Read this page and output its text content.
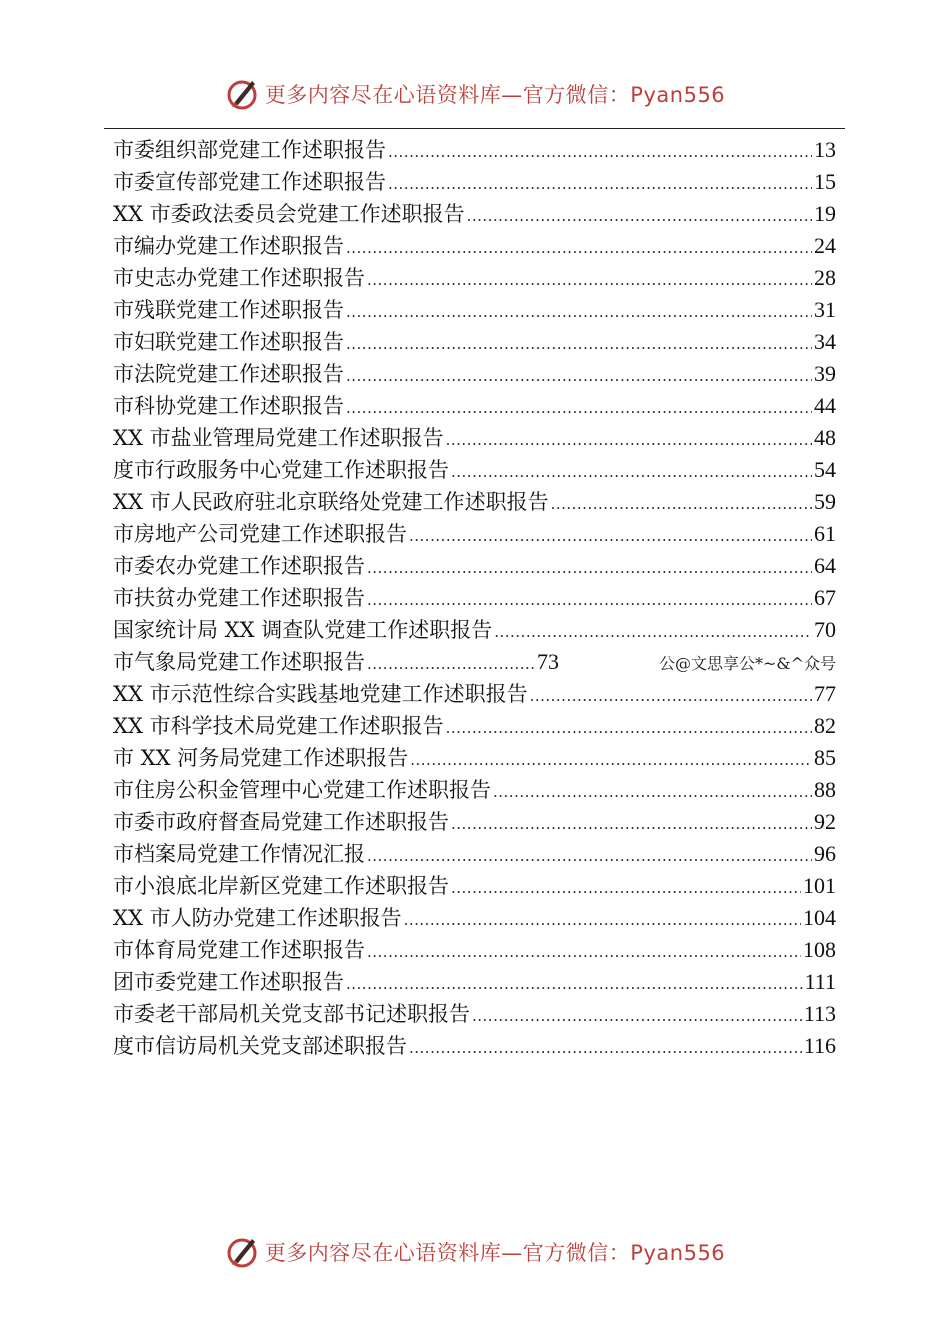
更多内容尽在心语资料库—官方微信：Pyan556
市委组织部党建工作述职报告 .....	13
市委宣传部党建工作述职报告 .....	15
XX 市委政法委员会党建工作述职报告 .....	19
市编办党建工作述职报告 .....	24
市史志办党建工作述职报告 .....	28
市残联党建工作述职报告 .....	31
市妇联党建工作述职报告 .....	34
市法院党建工作述职报告 .....	39
市科协党建工作述职报告 .....	44
XX 市盐业管理局党建工作述职报告 .....	48
度市行政服务中心党建工作述职报告 .....	54
XX 市人民政府驻北京联络处党建工作述职报告 .....	59
市房地产公司党建工作述职报告 .....	61
市委农办党建工作述职报告 .....	64
市扶贫办党建工作述职报告 .....	67
国家统计局 XX 调查队党建工作述职报告 .....	70
市气象局党建工作述职报告 .....	73	公@文思享公*~&^众号
XX 市示范性综合实践基地党建工作述职报告 .....	77
XX 市科学技术局党建工作述职报告 .....	82
市 XX 河务局党建工作述职报告 .....	85
市住房公积金管理中心党建工作述职报告 .....	88
市委市政府督查局党建工作述职报告 .....	92
市档案局党建工作情况汇报 .....	96
市小浪底北岸新区党建工作述职报告 .....	101
XX 市人防办党建工作述职报告 .....	104
市体育局党建工作述职报告 .....	108
团市委党建工作述职报告 .....	111
市委老干部局机关党支部书记述职报告 .....	113
度市信访局机关党支部述职报告 .....	116
更多内容尽在心语资料库—官方微信：Pyan556
